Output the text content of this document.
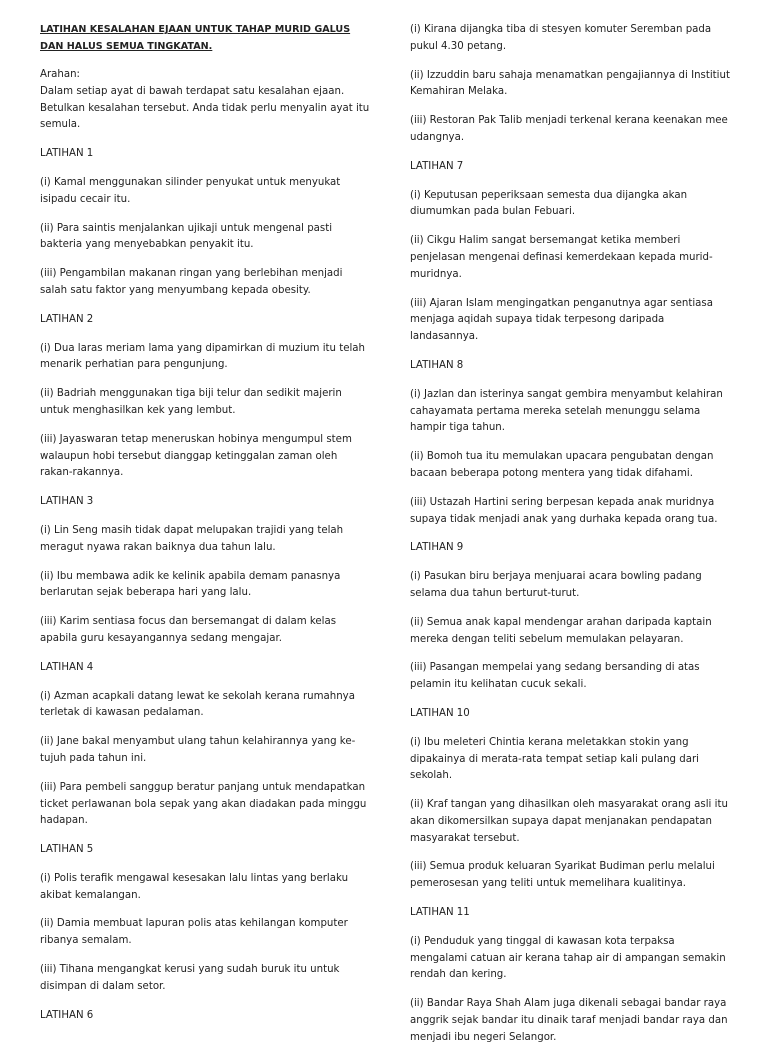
LATIHAN KESALAHAN EJAAN UNTUK TAHAP MURID GALUS DAN HALUS SEMUA TINGKATAN.
Arahan:
Dalam setiap ayat di bawah terdapat satu kesalahan ejaan. Betulkan kesalahan tersebut. Anda tidak perlu menyalin ayat itu semula.
LATIHAN 1
(i) Kamal menggunakan silinder penyukat untuk menyukat isipadu cecair itu.
(ii) Para saintis menjalankan ujikaji untuk mengenal pasti bakteria yang menyebabkan penyakit itu.
(iii) Pengambilan makanan ringan yang berlebihan menjadi salah satu faktor yang menyumbang kepada obesity.
LATIHAN 2
(i) Dua laras meriam lama yang dipamirkan di muzium itu telah menarik perhatian para pengunjung.
(ii) Badriah menggunakan tiga biji telur dan sedikit majerin untuk menghasilkan kek yang lembut.
(iii) Jayaswaran tetap meneruskan hobinya mengumpul stem walaupun hobi tersebut dianggap ketinggalan zaman oleh rakan-rakannya.
LATIHAN 3
(i) Lin Seng masih tidak dapat melupakan trajidi yang telah meragut nyawa rakan baiknya dua tahun lalu.
(ii) Ibu membawa adik ke kelinik apabila demam panasnya berlarutan sejak beberapa hari yang lalu.
(iii) Karim sentiasa focus dan bersemangat di dalam kelas apabila guru kesayangannya sedang mengajar.
LATIHAN 4
(i) Azman acapkali datang lewat ke sekolah kerana rumahnya terletak di kawasan pedalaman.
(ii) Jane bakal menyambut ulang tahun kelahirannya yang ke-tujuh pada tahun ini.
(iii) Para pembeli sanggup beratur panjang untuk mendapatkan ticket perlawanan bola sepak yang akan diadakan pada minggu hadapan.
LATIHAN 5
(i) Polis terafik mengawal kesesakan lalu lintas yang berlaku akibat kemalangan.
(ii) Damia membuat lapuran polis atas kehilangan komputer ribanya semalam.
(iii) Tihana mengangkat kerusi yang sudah buruk itu untuk disimpan di dalam setor.
LATIHAN 6
(i) Kirana dijangka tiba di stesyen komuter Seremban pada pukul 4.30 petang.
(ii) Izzuddin baru sahaja menamatkan pengajiannya di Institiut Kemahiran Melaka.
(iii) Restoran Pak Talib menjadi terkenal kerana keenakan mee udangnya.
LATIHAN 7
(i) Keputusan peperiksaan semesta dua dijangka akan diumumkan pada bulan Febuari.
(ii) Cikgu Halim sangat bersemangat ketika memberi penjelasan mengenai definasi kemerdekaan kepada murid-muridnya.
(iii) Ajaran Islam mengingatkan penganutnya agar sentiasa menjaga aqidah supaya tidak terpesong daripada landasannya.
LATIHAN 8
(i) Jazlan dan isterinya sangat gembira menyambut kelahiran cahayamata pertama mereka setelah menunggu selama hampir tiga tahun.
(ii) Bomoh tua itu memulakan upacara pengubatan dengan bacaan beberapa potong mentera yang tidak difahami.
(iii) Ustazah Hartini sering berpesan kepada anak muridnya supaya tidak menjadi anak yang durhaka kepada orang tua.
LATIHAN 9
(i) Pasukan biru berjaya menjuarai acara bowling padang selama dua tahun berturut-turut.
(ii) Semua anak kapal mendengar arahan daripada kaptain mereka dengan teliti sebelum memulakan pelayaran.
(iii) Pasangan mempelai yang sedang bersanding di atas pelamin itu kelihatan cucuk sekali.
LATIHAN 10
(i) Ibu meleteri Chintia kerana meletakkan stokin yang dipakainya di merata-rata tempat setiap kali pulang dari sekolah.
(ii) Kraf tangan yang dihasilkan oleh masyarakat orang asli itu akan dikomersilkan supaya dapat menjanakan pendapatan masyarakat tersebut.
(iii) Semua produk keluaran Syarikat Budiman perlu melalui pemerosesan yang teliti untuk memelihara kualitinya.
LATIHAN 11
(i) Penduduk yang tinggal di kawasan kota terpaksa mengalami catuan air kerana tahap air di ampangan semakin rendah dan kering.
(ii) Bandar Raya Shah Alam juga dikenali sebagai bandar raya anggrik sejak bandar itu dinaik taraf menjadi bandar raya dan menjadi ibu negeri Selangor.
